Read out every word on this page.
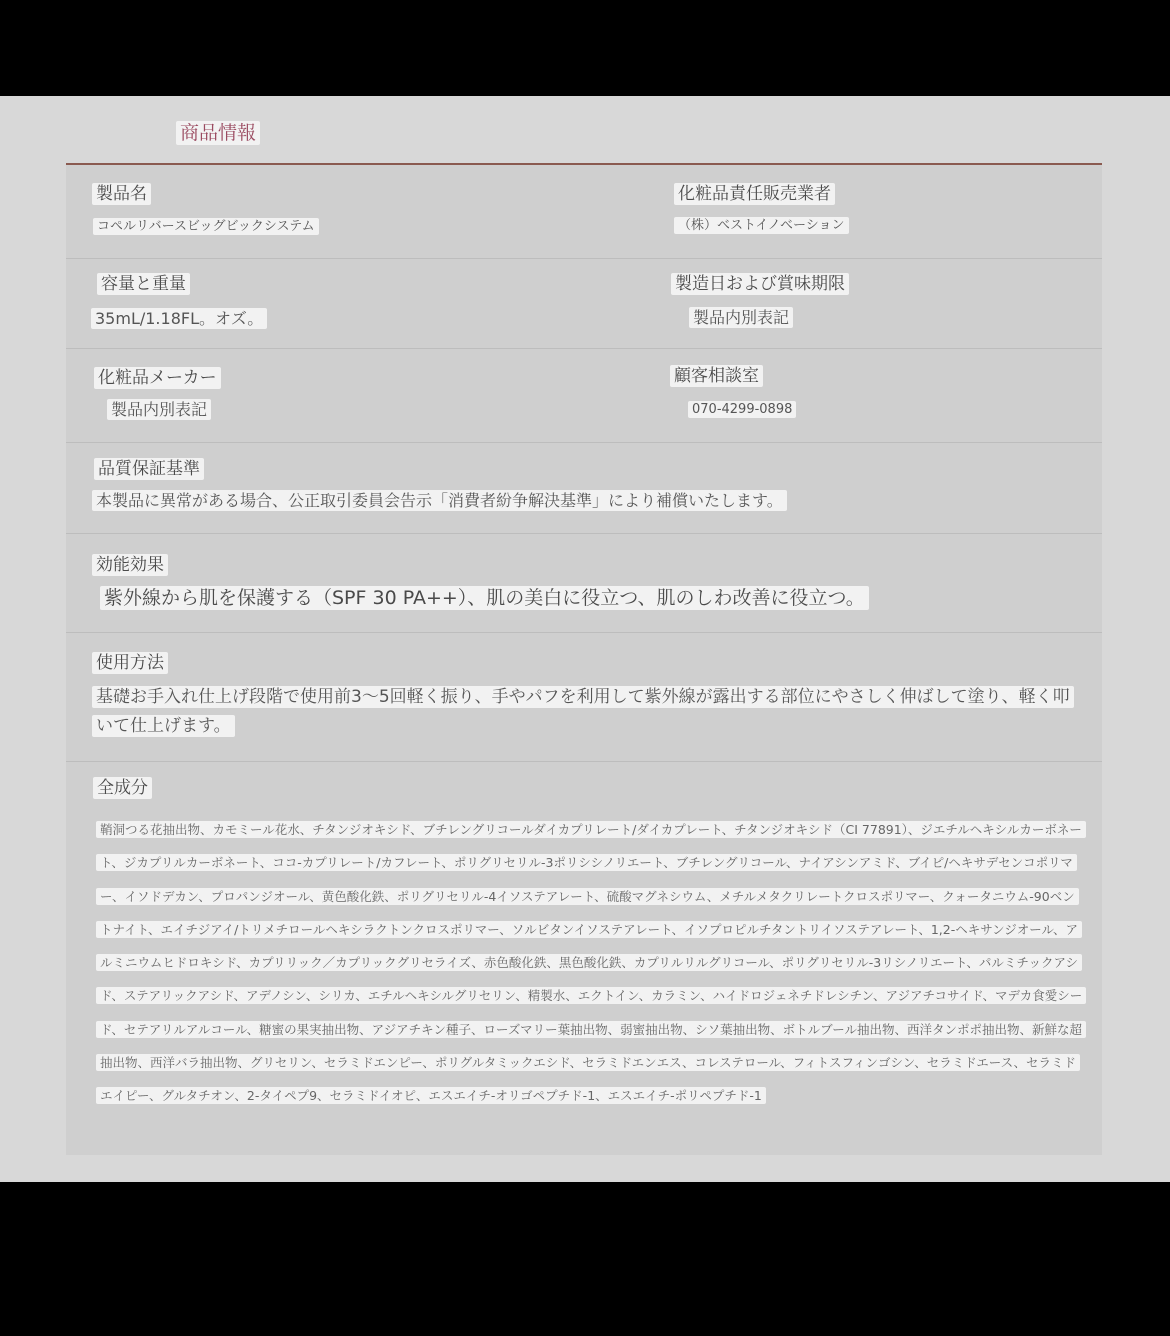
商品情報
製品名
コペルリバースビッグビックシステム
化粧品責任販売業者
（株）ベストイノベーション
容量と重量
35mL/1.18FL。オズ。
製造日および賞味期限
製品内別表記
化粧品メーカー
製品内別表記
顧客相談室
070-4299-0898
品質保証基準
本製品に異常がある場合、公正取引委員会告示「消費者紛争解決基準」により補償いたします。
効能効果
紫外線から肌を保護する（SPF 30 PA++）、肌の美白に役立つ、肌のしわ改善に役立つ。
使用方法
基礎お手入れ仕上げ段階で使用前3〜5回軽く振り、手やパフを利用して紫外線が露出する部位にやさしく伸ばして塗り、軽く叩いて仕上げます。
全成分
鞘洞つる花抽出物、カモミール花水、チタンジオキシド、ブチレングリコールダイカプリレート/ダイカプレート、チタンジオキシド（CI 77891）、ジエチルヘキシルカーボネート、ジカプリルカーボネート、ココ-カプリレート/カフレート、ポリグリセリル-3ポリシシノリエート、ブチレングリコール、ナイアシンアミド、ブイピ/ヘキサデセンコポリマー、イソドデカン、プロパンジオール、黄色酸化鉄、ポリグリセリル-4イソステアレート、硫酸マグネシウム、メチルメタクリレートクロスポリマー、クォータニウム-90ベントナイト、エイチジアイ/トリメチロールヘキシラクトンクロスポリマー、ソルビタンイソステアレート、イソプロピルチタントリイソステアレート、1,2-ヘキサンジオール、アルミニウムヒドロキシド、カプリリック／カプリックグリセライズ、赤色酸化鉄、黒色酸化鉄、カプリルリルグリコール、ポリグリセリル-3リシノリエート、パルミチックアシド、ステアリックアシド、アデノシン、シリカ、エチルヘキシルグリセリン、精製水、エクトイン、カラミン、ハイドロジェネチドレシチン、アジアチコサイド、マデカ食愛シード、セテアリルアルコール、糖蜜の果実抽出物、アジアチキン種子、ローズマリー葉抽出物、弱蜜抽出物、シソ葉抽出物、ボトルブール抽出物、西洋タンポポ抽出物、新鮮な超抽出物、西洋バラ抽出物、グリセリン、セラミドエンピー、ポリグルタミックエシド、セラミドエンエス、コレステロール、フィトスフィンゴシン、セラミドエース、セラミドエイピー、グルタチオン、2-タイペプ9、セラミドイオピ、エスエイチ-オリゴペプチド-1、エスエイチ-ポリペプチド-1
